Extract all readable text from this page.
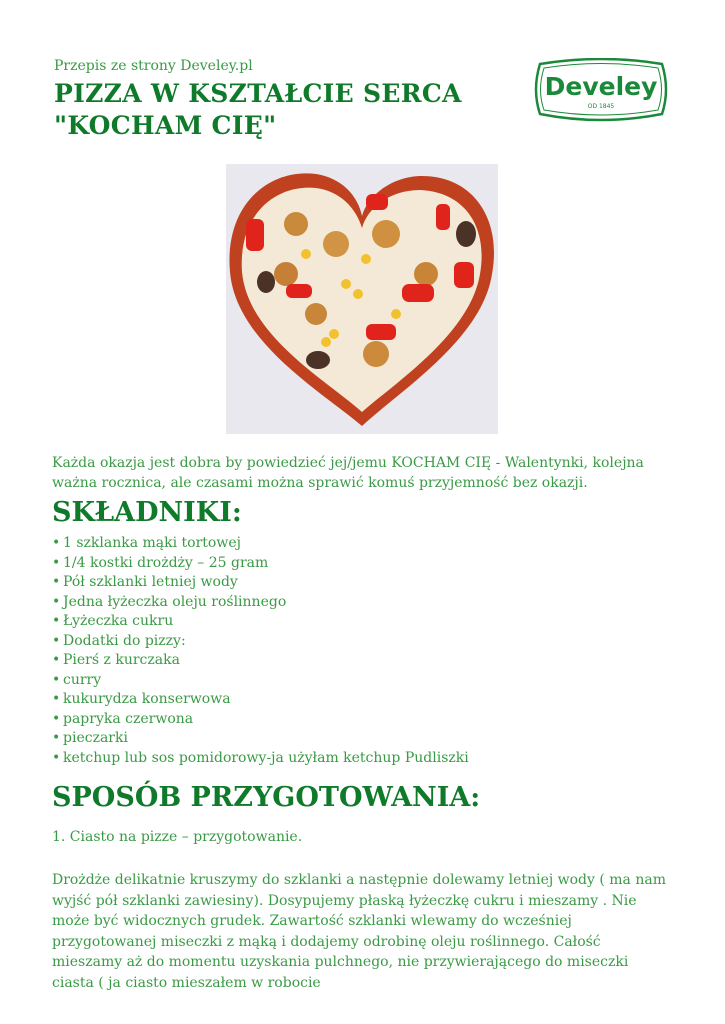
Przepis ze strony Develey.pl
PIZZA W KSZTAŁCIE SERCA
"KOCHAM CIĘ"
Develey
OD 1845

Każda okazja jest dobra by powiedzieć jej/jemu KOCHAM CIĘ - Walentynki, kolejna ważna rocznica, ale czasami można sprawić komuś przyjemność bez okazji.

SKŁADNIKI:
• 1 szklanka mąki tortowej
• 1/4 kostki drożdży – 25 gram
• Pół szklanki letniej wody
• Jedna łyżeczka oleju roślinnego
• Łyżeczka cukru
• Dodatki do pizzy:
• Pierś z kurczaka
• curry
• kukurydza konserwowa
• papryka czerwona
• pieczarki
• ketchup lub sos pomidorowy-ja użyłam ketchup Pudliszki
SPOSÓB PRZYGOTOWANIA:

1. Ciasto na pizze – przygotowanie.

Drożdże delikatnie kruszymy do szklanki a następnie dolewamy letniej wody ( ma nam wyjść pół szklanki zawiesiny). Dosypujemy płaską łyżeczkę cukru i mieszamy . Nie może być widocznych grudek. Zawartość szklanki wlewamy do wcześniej przygotowanej miseczki z mąką i dodajemy odrobinę oleju roślinnego. Całość mieszamy aż do momentu uzyskania pulchnego, nie przywierającego do miseczki ciasta ( ja ciasto mieszałem w robocie
